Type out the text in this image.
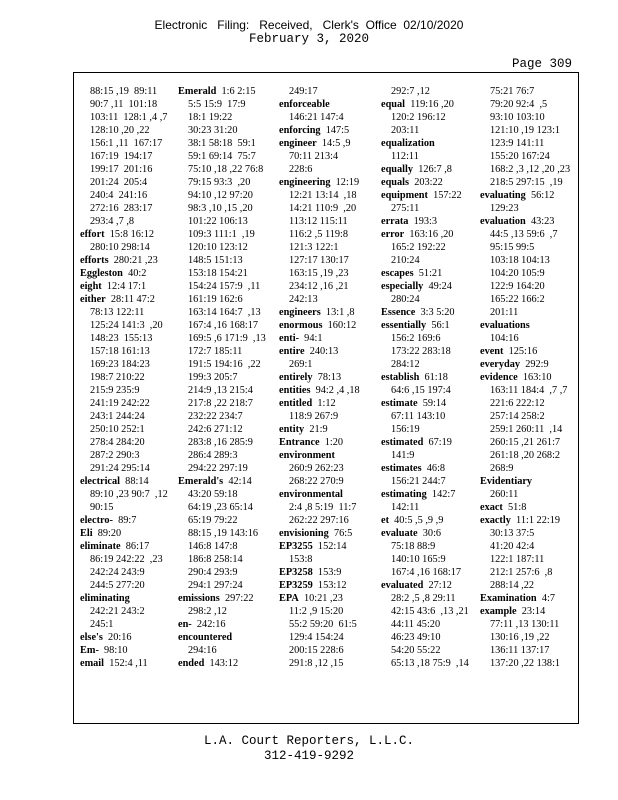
Electronic   Filing:   Received,   Clerk's  Office  02/10/2020
February 3, 2020
Page 309
88:15 ,19  89:11
90:7 ,11  101:18
103:11  128:1 ,4 ,7
128:10 ,20 ,22
156:1 ,11  167:17
167:19  194:17
199:17  201:16
201:24  205:4
240:4  241:16
272:16  283:17
293:4 ,7 ,8
effort 15:8 16:12
280:10 298:14
efforts 280:21 ,23
Eggleston 40:2
eight 12:4 17:1
either 28:11 47:2
78:13 122:11
125:24 141:3  ,20
148:23  155:13
157:18 161:13
169:23 184:23
198:7 210:22
215:9 235:9
241:19 242:22
243:1 244:24
250:10 252:1
278:4 284:20
287:2 290:3
291:24 295:14
electrical 88:14
89:10 ,23 90:7  ,12
90:15
electro- 89:7
Eli 89:20
eliminate 86:17
86:19 242:22  ,23
242:24 243:9
244:5 277:20
eliminating
242:21 243:2
245:1
else's 20:16
Em- 98:10
email 152:4 ,11
Emerald 1:6 2:15
5:5 15:9  17:9
18:1 19:22
30:23 31:20
38:1 58:18  59:1
59:1 69:14  75:7
75:10 ,18 ,22 76:8
79:15 93:3  ,20
94:10 ,12 97:20
98:3 ,10 ,15 ,20
101:22 106:13
109:3 111:1  ,19
120:10 123:12
148:5 151:13
153:18 154:21
154:24 157:9  ,11
161:19 162:6
163:14 164:7  ,13
167:4 ,16 168:17
169:5 ,6 171:9  ,13
172:7 185:11
191:5 194:16  ,22
199:3 205:7
214:9 ,13 215:4
217:8 ,22 218:7
232:22 234:7
242:6 271:12
283:8 ,16 285:9
286:4 289:3
294:22 297:19
Emerald's 42:14
43:20 59:18
64:19 ,23 65:14
65:19 79:22
88:15 ,19 143:16
146:8 147:8
186:8 258:14
290:4 293:9
294:1 297:24
emissions 297:22
298:2 ,12
en- 242:16
encountered
294:16
ended 143:12
249:17
enforceable
146:21 147:4
enforcing 147:5
engineer 14:5 ,9
70:11 213:4
228:6
engineering 12:19
12:21 13:14  ,18
14:21 110:9  ,20
113:12 115:11
116:2 ,5 119:8
121:3 122:1
127:17 130:17
163:15 ,19 ,23
234:12 ,16 ,21
242:13
engineers 13:1 ,8
enormous 160:12
enti- 94:1
entire 240:13
269:1
entirely 78:13
entities 94:2 ,4 ,18
entitled 1:12
118:9 267:9
entity 21:9
Entrance 1:20
environment
260:9 262:23
268:22 270:9
environmental
2:4 ,8 5:19  11:7
262:22 297:16
envisioning 76:5
EP3255 152:14
153:8
EP3258 153:9
EP3259 153:12
EPA 10:21 ,23
11:2 ,9 15:20
55:2 59:20  61:5
129:4 154:24
200:15 228:6
291:8 ,12 ,15
292:7 ,12
equal 119:16 ,20
120:2 196:12
203:11
equalization
112:11
equally 126:7 ,8
equals 203:22
equipment 157:22
275:11
errata 193:3
error 163:16 ,20
165:2 192:22
210:24
escapes 51:21
especially 49:24
280:24
Essence 3:3 5:20
essentially 56:1
156:2 169:6
173:22 283:18
284:12
establish 61:18
64:6 ,15 197:4
estimate 59:14
67:11 143:10
156:19
estimated 67:19
141:9
estimates 46:8
156:21 244:7
estimating 142:7
142:11
et 40:5 ,5 ,9 ,9
evaluate 30:6
75:18 88:9
140:10 165:9
167:4 ,16 168:17
evaluated 27:12
28:2 ,5 ,8 29:11
42:15 43:6  ,13 ,21
44:11 45:20
46:23 49:10
54:20 55:22
65:13 ,18 75:9  ,14
75:21 76:7
79:20 92:4  ,5
93:10 103:10
121:10 ,19 123:1
123:9 141:11
155:20 167:24
168:2 ,3 ,12 ,20 ,23
218:5 297:15  ,19
evaluating 56:12
129:23
evaluation 43:23
44:5 ,13 59:6  ,7
95:15 99:5
103:18 104:13
104:20 105:9
122:9 164:20
165:22 166:2
201:11
evaluations
104:16
event 125:16
everyday 292:9
evidence 163:10
163:11 184:4  ,7 ,7
221:6 222:12
257:14 258:2
259:1 260:11  ,14
260:15 ,21 261:7
261:18 ,20 268:2
268:9
Evidentiary
260:11
exact 51:8
exactly 11:1 22:19
30:13 37:5
41:20 42:4
122:1 187:11
212:1 257:6  ,8
288:14 ,22
Examination 4:7
example 23:14
77:11 ,13 130:11
130:16 ,19 ,22
136:11 137:17
137:20 ,22 138:1
L.A. Court Reporters, L.L.C.
312-419-9292
